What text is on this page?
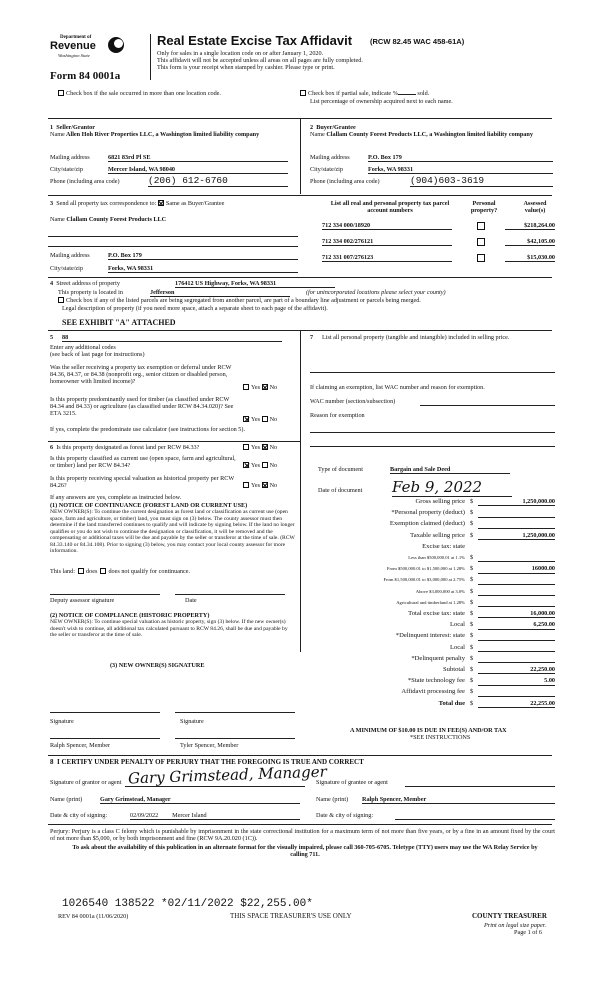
Department of
Revenue
Washington State
Form 84 0001a
Real Estate Excise Tax Affidavit (RCW 82.45 WAC 458-61A)
Only for sales in a single location code on or after January 1, 2020.
This affidavit will not be accepted unless all areas on all pages are fully completed.
This form is your receipt when stamped by cashier. Please type or print.
Check box if the sale occurred in more than one location code.	Check box if partial sale, indicate %	sold.
List percentage of ownership acquired next to each name.
1 Seller/Grantor
Name Allen Hoh River Properties LLC, a Washington limited liability company
Mailing address	6821 83rd Pl SE
City/state/zip	Mercer Island, WA 98040
Phone (including area code)	(206) 612-6760
2 Buyer/Grantee
Name Clallam County Forest Products LLC, a Washington limited liability company
Mailing address	P.O. Box 179
City/state/zip	Forks, WA 98331
Phone (including area code)	(904)603-3619
3 Send all property tax correspondence to: Same as Buyer/Grantee
Name Clallam County Forest Products LLC
Mailing address	P.O. Box 179
City/state/zip	Forks, WA 98331
List all real and personal property tax parcel account numbers
Personal property?
Assessed value(s)
712 334 000/18920	$218,264.00
712 334 002/276121	$42,105.00
712 331 007/276123	$15,030.00
4 Street address of property	176412 US Highway, Forks, WA 98331
This property is located in	Jefferson	(for unincorporated locations please select your county)
Check box if any of the listed parcels are being segregated from another parcel, are part of a boundary line adjustment or parcels being merged.
Legal description of property (if you need more space, attach a separate sheet to each page of the affidavit).
SEE EXHIBIT "A" ATTACHED
5 88
Enter any additional codes
(see back of last page for instructions)
Was the seller receiving a property tax exemption or deferral under RCW 84.36, 84.37, or 84.38 (nonprofit org., senior citizen or disabled person, homeowner with limited income)?
Yes No
Is this property predominantly used for timber (as classified under RCW 84.34 and 84.33) or agriculture (as classified under RCW 84.34.020)? See ETA 3215.
Yes No
If yes, complete the predominate use calculator (see instructions for section 5).
6 Is this property designated as forest land per RCW 84.33?	Yes No
Is this property classified as current use (open space, farm and agricultural, or timber) land per RCW 84.34?	Yes No
Is this property receiving special valuation as historical property per RCW 84.26?	Yes No
If any answers are yes, complete as instructed below.
(1) NOTICE OF CONTINUANCE (FOREST LAND OR CURRENT USE)
NEW OWNER(S): To continue the current designation as forest land or classification as current use (open space, farm and agriculture, or timber) land, you must sign on (3) below. The county assessor must then determine if the land transferred continues to qualify and will indicate by signing below. If the land no longer qualifies or you do not wish to continue the designation or classification, it will be removed and the compensating or additional taxes will be due and payable by the seller or transferor at the time of sale. (RCW 84.33.140 or 84.34.108). Prior to signing (3) below, you may contact your local county assessor for more information.
This land: does does not qualify for continuance.
Deputy assessor signature	Date
(2) NOTICE OF COMPLIANCE (HISTORIC PROPERTY)
NEW OWNER(S): To continue special valuation as historic property, sign (3) below. If the new owner(s) doesn't wish to continue, all additional tax calculated pursuant to RCW 84.26, shall be due and payable by the seller or transferor at the time of sale.
(3) NEW OWNER(S) SIGNATURE
Signature	Signature
Ralph Spencer, Member	Tyler Spencer, Member
7 List all personal property (tangible and intangible) included in selling price.
If claiming an exemption, list WAC number and reason for exemption.
WAC number (section/subsection)
Reason for exemption
Type of document	Bargain and Sale Deed
Date of document Feb 9, 2022
Gross selling price $	1,250,000.00
*Personal property (deduct) $
Exemption claimed (deduct) $
Taxable selling price $	1,250,000.00
Excise tax: state
Less than $500,000.01 at 1.1% $
From $500,000.01 to $1,500,000 at 1.28% $	16000.00
From $1,500,000.01 to $3,000,000 at 2.75% $
Above $3,000,000 at 3.0% $
Agricultural and timberland at 1.28% $
Total excise tax: state $	16,000.00
Local $	6,250.00
*Delinquent interest: state $
Local $
*Delinquent penalty $
Subtotal $	22,250.00
*State technology fee $	5.00
Affidavit processing fee $
Total due $	22,255.00
A MINIMUM OF $10.00 IS DUE IN FEE(S) AND/OR TAX
*SEE INSTRUCTIONS
8 I CERTIFY UNDER PENALTY OF PERJURY THAT THE FOREGOING IS TRUE AND CORRECT
Signature of grantor or agent Gary Grimstead, Manager
Signature of grantee or agent
Name (print)	Gary Grimstead, Manager	Name (print) Ralph Spencer, Member
Date & city of signing:	02/09/2022 Mercer Island	Date & city of signing:
Perjury: Perjury is a class C felony which is punishable by imprisonment in the state correctional institution for a maximum term of not more than five years, or by a fine in an amount fixed by the court of not more than $5,000, or by both imprisonment and fine (RCW 9A.20.020 (1C)).
To ask about the availability of this publication in an alternate format for the visually impaired, please call 360-705-6705. Teletype (TTY) users may use the WA Relay Service by calling 711.
1026540 138522 *02/11/2022 $22,255.00*
REV 84 0001a (11/06/2020)	THIS SPACE TREASURER'S USE ONLY	COUNTY TREASURER
Print on legal size paper.
Page 1 of 6
